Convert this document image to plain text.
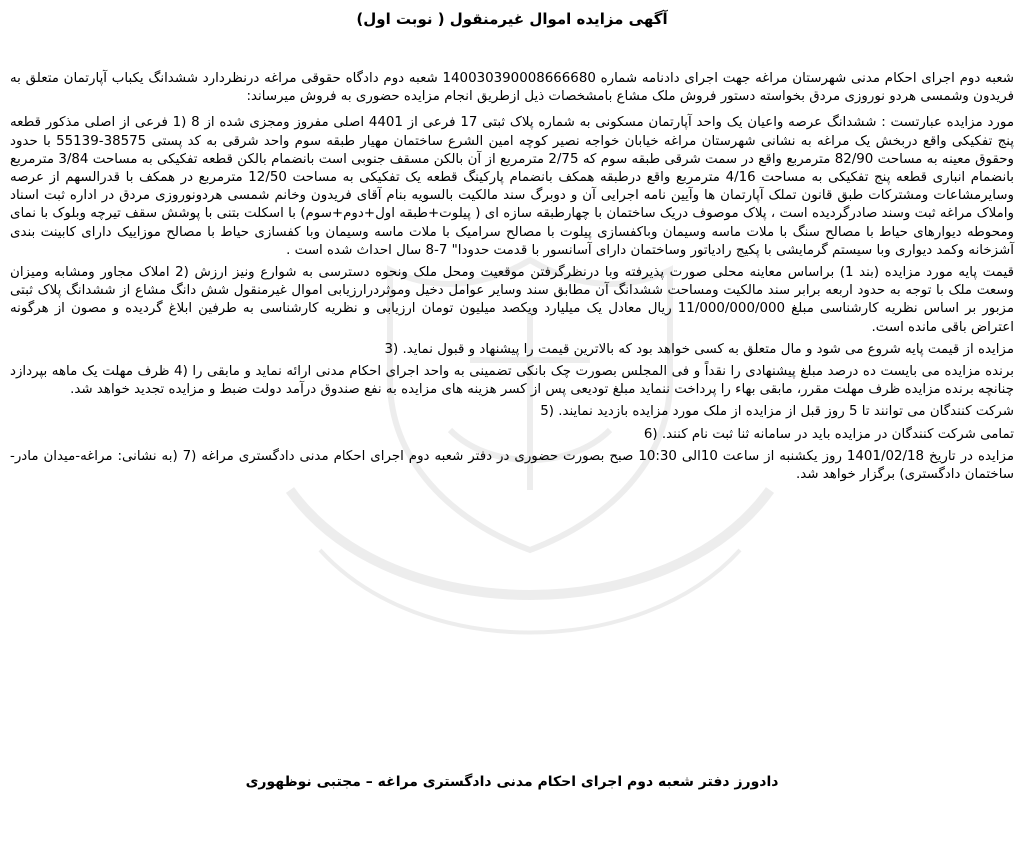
آگهی مزایده اموال غیرمنقول ( نوبت اول)

شعبه دوم اجرای احکام مدنی شهرستان مراغه جهت اجرای دادنامه شماره 140030390008666680 شعبه دوم دادگاه حقوقی مراغه درنظردارد ششدانگ یکباب آپارتمان متعلق به فریدون وشمسی هردو نوروزی مردق بخواسته دستور فروش ملک مشاع بامشخصات ذیل ازطریق انجام مزایده حضوری به فروش میرساند:

مورد مزایده عبارتست : ششدانگ عرصه واعیان یک واحد آپارتمان مسکونی به شماره پلاک ثبتی 17 فرعی از 4401 اصلی مفروز ومجزی شده از 8 (1 فرعی از اصلی مذکور قطعه پنج تفکیکی واقع دربخش یک مراغه به نشانی شهرستان مراغه خیابان خواجه نصیر کوچه امین الشرع ساختمان مهیار طبقه سوم واحد شرقی به کد پستی 38575-55139 با حدود وحقوق معینه به مساحت 82/90 مترمربع واقع در سمت شرقی طبقه سوم که 2/75 مترمربع از آن بالکن مسقف جنوبی است بانضمام بالکن قطعه تفکیکی به مساحت 3/84 مترمربع بانضمام انباری قطعه پنج تفکیکی به مساحت 4/16 مترمربع واقع درطبقه همکف بانضمام پارکینگ قطعه یک تفکیکی به مساحت 12/50 مترمربع در همکف با قدرالسهم از عرصه وسایرمشاعات ومشترکات طبق قانون تملک آپارتمان ها وآیین نامه اجرایی آن و دوبرگ سند مالکیت بالسویه بنام آقای فریدون وخانم شمسی هردونوروزی مردق در اداره ثبت اسناد واملاک مراغه ثبت وسند صادرگردیده است ، پلاک موصوف دریک ساختمان با چهارطبقه سازه ای ( پیلوت+طبقه اول+دوم+سوم) با اسکلت بتنی با پوشش سقف تیرچه وبلوک با نمای ومحوطه دیوارهای حیاط با مصالح سنگ با ملات ماسه وسیمان وباکفسازی پیلوت با مصالح سرامیک با ملات ماسه وسیمان وبا کفسازی حیاط با مصالح موزاییک دارای کابینت بندی آشزخانه وکمد دیواری وبا سیستم گرمایشی با پکیج رادیاتور وساختمان دارای آسانسور با قدمت حدودا" 7-8 سال احداث شده است .

قیمت پایه مورد مزایده (بند 1) براساس معاینه محلی صورت پذیرفته وبا درنظرگرفتن موقعیت ومحل ملک ونحوه دسترسی به شوارع ونیز ارزش (2 املاک مجاور ومشابه ومیزان وسعت ملک با توجه به حدود اربعه برابر سند مالکیت ومساحت ششدانگ آن مطابق سند وسایر عوامل دخیل وموثردرارزیابی اموال غیرمنقول شش دانگ مشاع از ششدانگ پلاک ثبتی مزبور بر اساس نظریه کارشناسی مبلغ 11/000/000/000 ریال معادل یک میلیارد ویکصد میلیون تومان ارزیابی و نظریه کارشناسی به طرفین ابلاغ گردیده و مصون از هرگونه اعتراض باقی مانده است.

مزایده از قیمت پایه شروع می شود و مال متعلق به کسی خواهد بود که بالاترین قیمت را پیشنهاد و قبول نماید. (3

برنده مزایده می بایست ده درصد مبلغ پیشنهادی را نقداً و فی المجلس بصورت چک بانکی تضمینی به واحد اجرای احکام مدنی ارائه نماید و مابقی را (4 ظرف مهلت یک ماهه بپردازد چنانچه برنده مزایده ظرف مهلت مقرر، مابقی بهاء را پرداخت ننماید مبلغ تودیعی پس از کسر هزینه های مزایده به نفع صندوق درآمد دولت ضبط و مزایده تجدید خواهد شد.

شرکت کنندگان می توانند تا 5 روز قبل از مزایده از ملک مورد مزایده بازدید نمایند. (5

تمامی شرکت کنندگان در مزایده باید در سامانه ثنا ثبت نام کنند. (6

مزایده در تاریخ 1401/02/18 روز یکشنبه از ساعت 10الی 10:30 صبح بصورت حضوری در دفتر شعبه دوم اجرای احکام مدنی دادگستری مراغه (7 (به نشانی: مراغه-میدان مادر-ساختمان دادگستری) برگزار خواهد شد.

دادورز دفتر شعبه دوم اجرای احکام مدنی دادگستری مراغه – مجتبی نوظهوری
